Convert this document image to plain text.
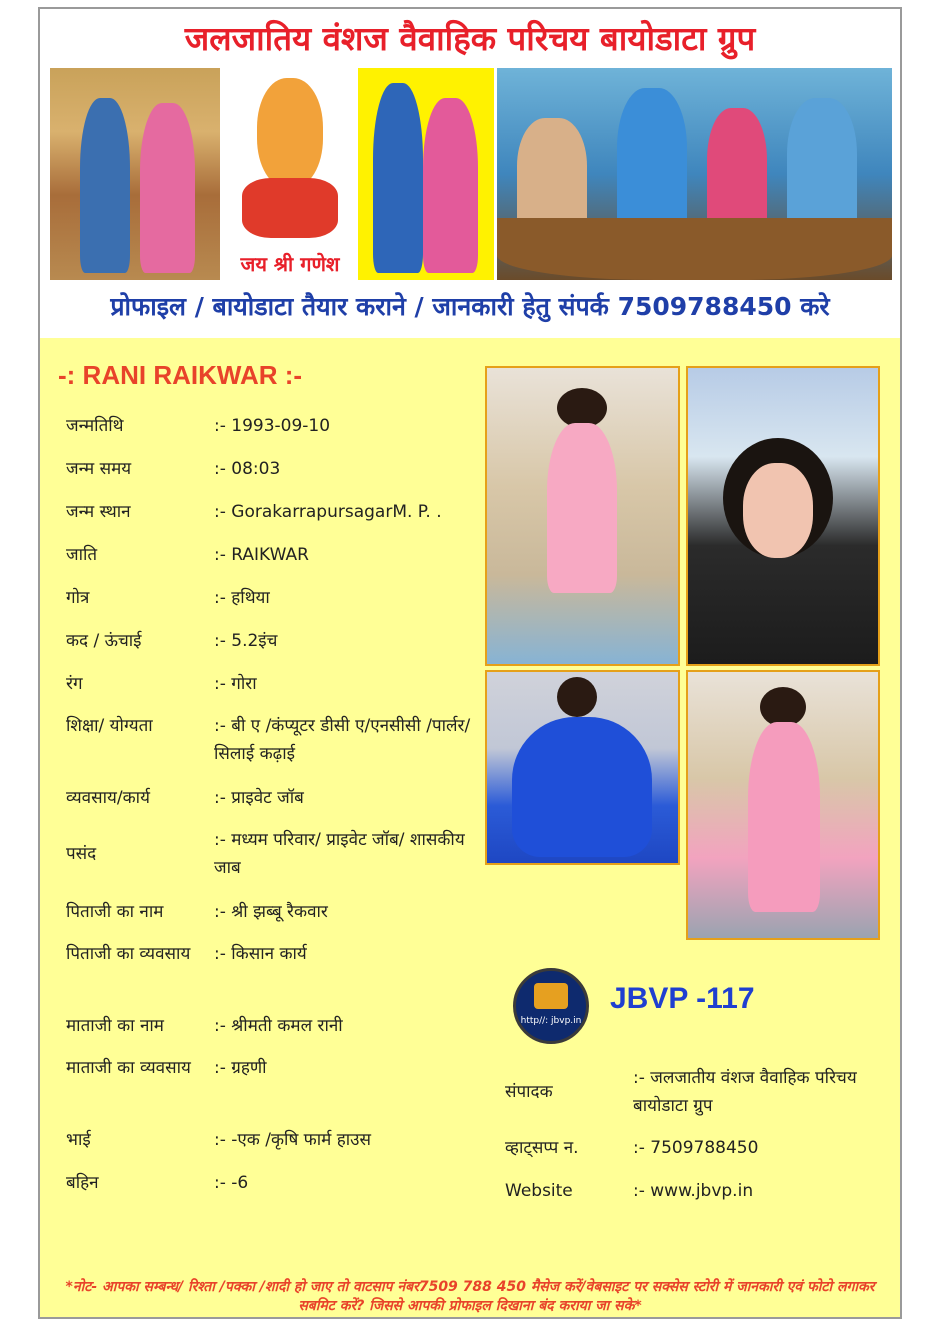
जलजातिय वंशज वैवाहिक परिचय बायोडाटा ग्रुप
जय श्री गणेश
प्रोफाइल / बायोडाटा तैयार कराने / जानकारी हेतु संपर्क 7509788450 करे
-: RANI RAIKWAR :-
जन्मतिथि	:- 1993-09-10
जन्म समय	:- 08:03
जन्म स्थान	:- GorakarrapursagarM. P. .
जाति	:- RAIKWAR
गोत्र	:- हथिया
कद / ऊंचाई	:- 5.2इंच
रंग	:- गोरा
शिक्षा/ योग्यता	:- बी ए /कंप्यूटर डीसी ए/एनसीसी /पार्लर/सिलाई कढ़ाई
व्यवसाय/कार्य	:- प्राइवेट जॉब
पसंद
:- मध्यम परिवार/ प्राइवेट जॉब/ शासकीय जाब
पिताजी का नाम	:- श्री झब्बू रैकवार
पिताजी का व्यवसाय	:- किसान कार्य
माताजी का नाम	:- श्रीमती कमल रानी
माताजी का व्यवसाय	:- ग्रहणी
भाई	:- -एक /कृषि फार्म हाउस
बहिन	:- -6
http//: jbvp.in
JBVP -117
संपादक
:- जलजातीय वंशज वैवाहिक परिचय बायोडाटा ग्रुप
व्हाट्सप्प न.	:- 7509788450
Website	:- www.jbvp.in
*नोट- आपका सम्बन्ध/ रिश्ता /पक्का /शादी हो जाए तो वाटसाप नंबर7509 788 450 मैसेज करें/वेबसाइट पर सक्सेस स्टोरी में जानकारी एवं फोटो लगाकर सबमिट करें? जिससे आपकी प्रोफाइल दिखाना बंद कराया जा सके*
